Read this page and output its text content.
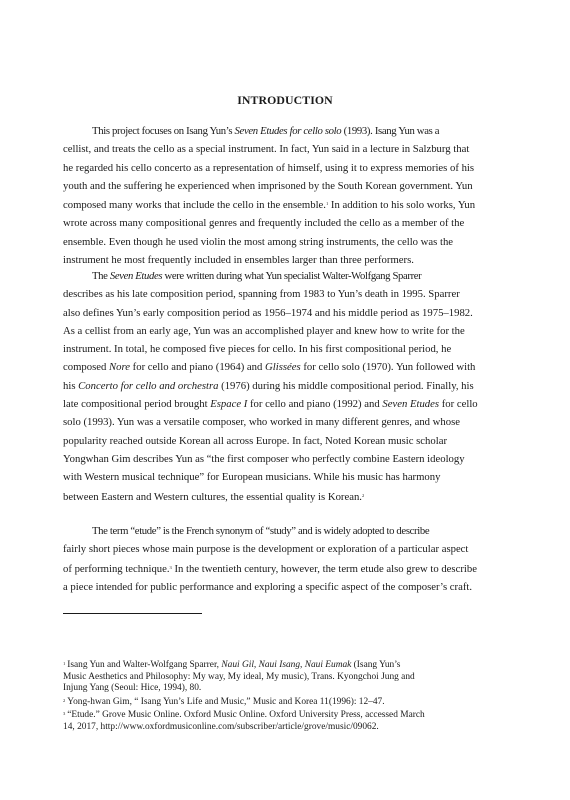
INTRODUCTION
This project focuses on Isang Yun’s Seven Etudes for cello solo (1993). Isang Yun was a
cellist, and treats the cello as a special instrument. In fact, Yun said in a lecture in Salzburg that
he regarded his cello concerto as a representation of himself, using it to express memories of his
youth and the suffering he experienced when imprisoned by the South Korean government. Yun
composed many works that include the cello in the ensemble.$^1$ In addition to his solo works, Yun
wrote across many compositional genres and frequently included the cello as a member of the
ensemble. Even though he used violin the most among string instruments, the cello was the
instrument he most frequently included in ensembles larger than three performers.
The Seven Etudes were written during what Yun specialist Walter-Wolfgang Sparrer
describes as his late composition period, spanning from 1983 to Yun’s death in 1995. Sparrer
also defines Yun’s early composition period as 1956–1974 and his middle period as 1975–1982.
As a cellist from an early age, Yun was an accomplished player and knew how to write for the
instrument. In total, he composed five pieces for cello. In his first compositional period, he
composed Nore for cello and piano (1964) and Glissées for cello solo (1970). Yun followed with
his Concerto for cello and orchestra (1976) during his middle compositional period. Finally, his
late compositional period brought Espace I for cello and piano (1992) and Seven Etudes for cello
solo (1993). Yun was a versatile composer, who worked in many different genres, and whose
popularity reached outside Korean all across Europe. In fact, Noted Korean music scholar
Yongwhan Gim describes Yun as “the first composer who perfectly combine Eastern ideology
with Western musical technique” for European musicians. While his music has harmony
between Eastern and Western cultures, the essential quality is Korean.$^2$
The term “etude” is the French synonym of “study” and is widely adopted to describe
fairly short pieces whose main purpose is the development or exploration of a particular aspect
of performing technique.$^3$ In the twentieth century, however, the term etude also grew to describe
a piece intended for public performance and exploring a specific aspect of the composer’s craft.
$^1$ Isang Yun and Walter-Wolfgang Sparrer, Naui Gil, Naui Isang, Naui Eumak (Isang Yun’s
Music Aesthetics and Philosophy: My way, My ideal, My music), Trans. Kyongchoi Jung and
Injung Yang (Seoul: Hice, 1994), 80.
$^2$ Yong-hwan Gim, “ Isang Yun’s Life and Music,” Music and Korea 11(1996): 12–47.
$^3$ “Etude.” Grove Music Online. Oxford Music Online. Oxford University Press, accessed March
14, 2017, http://www.oxfordmusiconline.com/subscriber/article/grove/music/09062.
